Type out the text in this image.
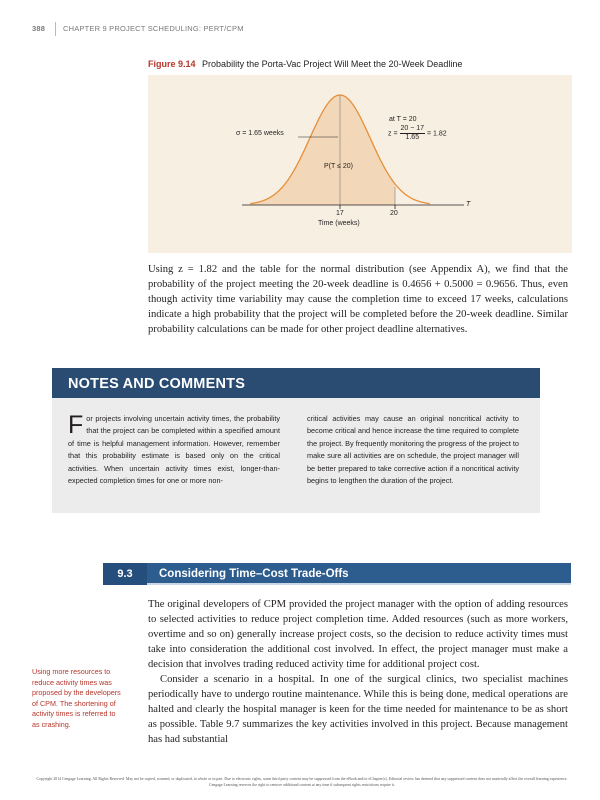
388 CHAPTER 9 PROJECT SCHEDULING: PERT/CPM
Figure 9.14 Probability the Porta-Vac Project Will Meet the 20-Week Deadline
σ = 1.65 weeks
at T = 20
$z = \frac{20 - 17}{1.65} = 1.82$
P(T ≤ 20)
17	20
T
Time (weeks)

Using z = 1.82 and the table for the normal distribution (see Appendix A), we find that the probability of the project meeting the 20-week deadline is 0.4656 + 0.5000 = 0.9656. Thus, even though activity time variability may cause the completion time to exceed 17 weeks, calculations indicate a high probability that the project will be completed before the 20-week deadline. Similar probability calculations can be made for other project deadline alternatives.

NOTES AND COMMENTS
For projects involving uncertain activity times, the probability that the project can be completed within a specified amount of time is helpful management information. However, remember that this probability estimate is based only on the critical activities. When uncertain activity times exist, longer-than-expected completion times for one or more non-
critical activities may cause an original noncritical activity to become critical and hence increase the time required to complete the project. By frequently monitoring the progress of the project to make sure all activities are on schedule, the project manager will be better prepared to take corrective action if a noncritical activity begins to lengthen the duration of the project.
9.3	Considering Time–Cost Trade-Offs

The original developers of CPM provided the project manager with the option of adding resources to selected activities to reduce project completion time. Added resources (such as more workers, overtime and so on) generally increase project costs, so the decision to reduce activity times must take into consideration the additional cost involved. In effect, the project manager must make a decision that involves trading reduced activity time for additional project cost.

Consider a scenario in a hospital. In one of the surgical clinics, two specialist machines periodically have to undergo routine maintenance. While this is being done, medical operations are halted and clearly the hospital manager is keen for the time needed for maintenance to be as short as possible. Table 9.7 summarizes the key activities involved in this project. Because management has had substantial

Using more resources to reduce activity times was proposed by the developers of CPM. The shortening of activity times is referred to as crashing.
Copyright 2014 Cengage Learning. All Rights Reserved. May not be copied, scanned, or duplicated, in whole or in part. Due to electronic rights, some third party content may be suppressed from the eBook and/or eChapter(s). Editorial review has deemed that any suppressed content does not materially affect the overall learning experience. Cengage Learning reserves the right to remove additional content at any time if subsequent rights restrictions require it.
